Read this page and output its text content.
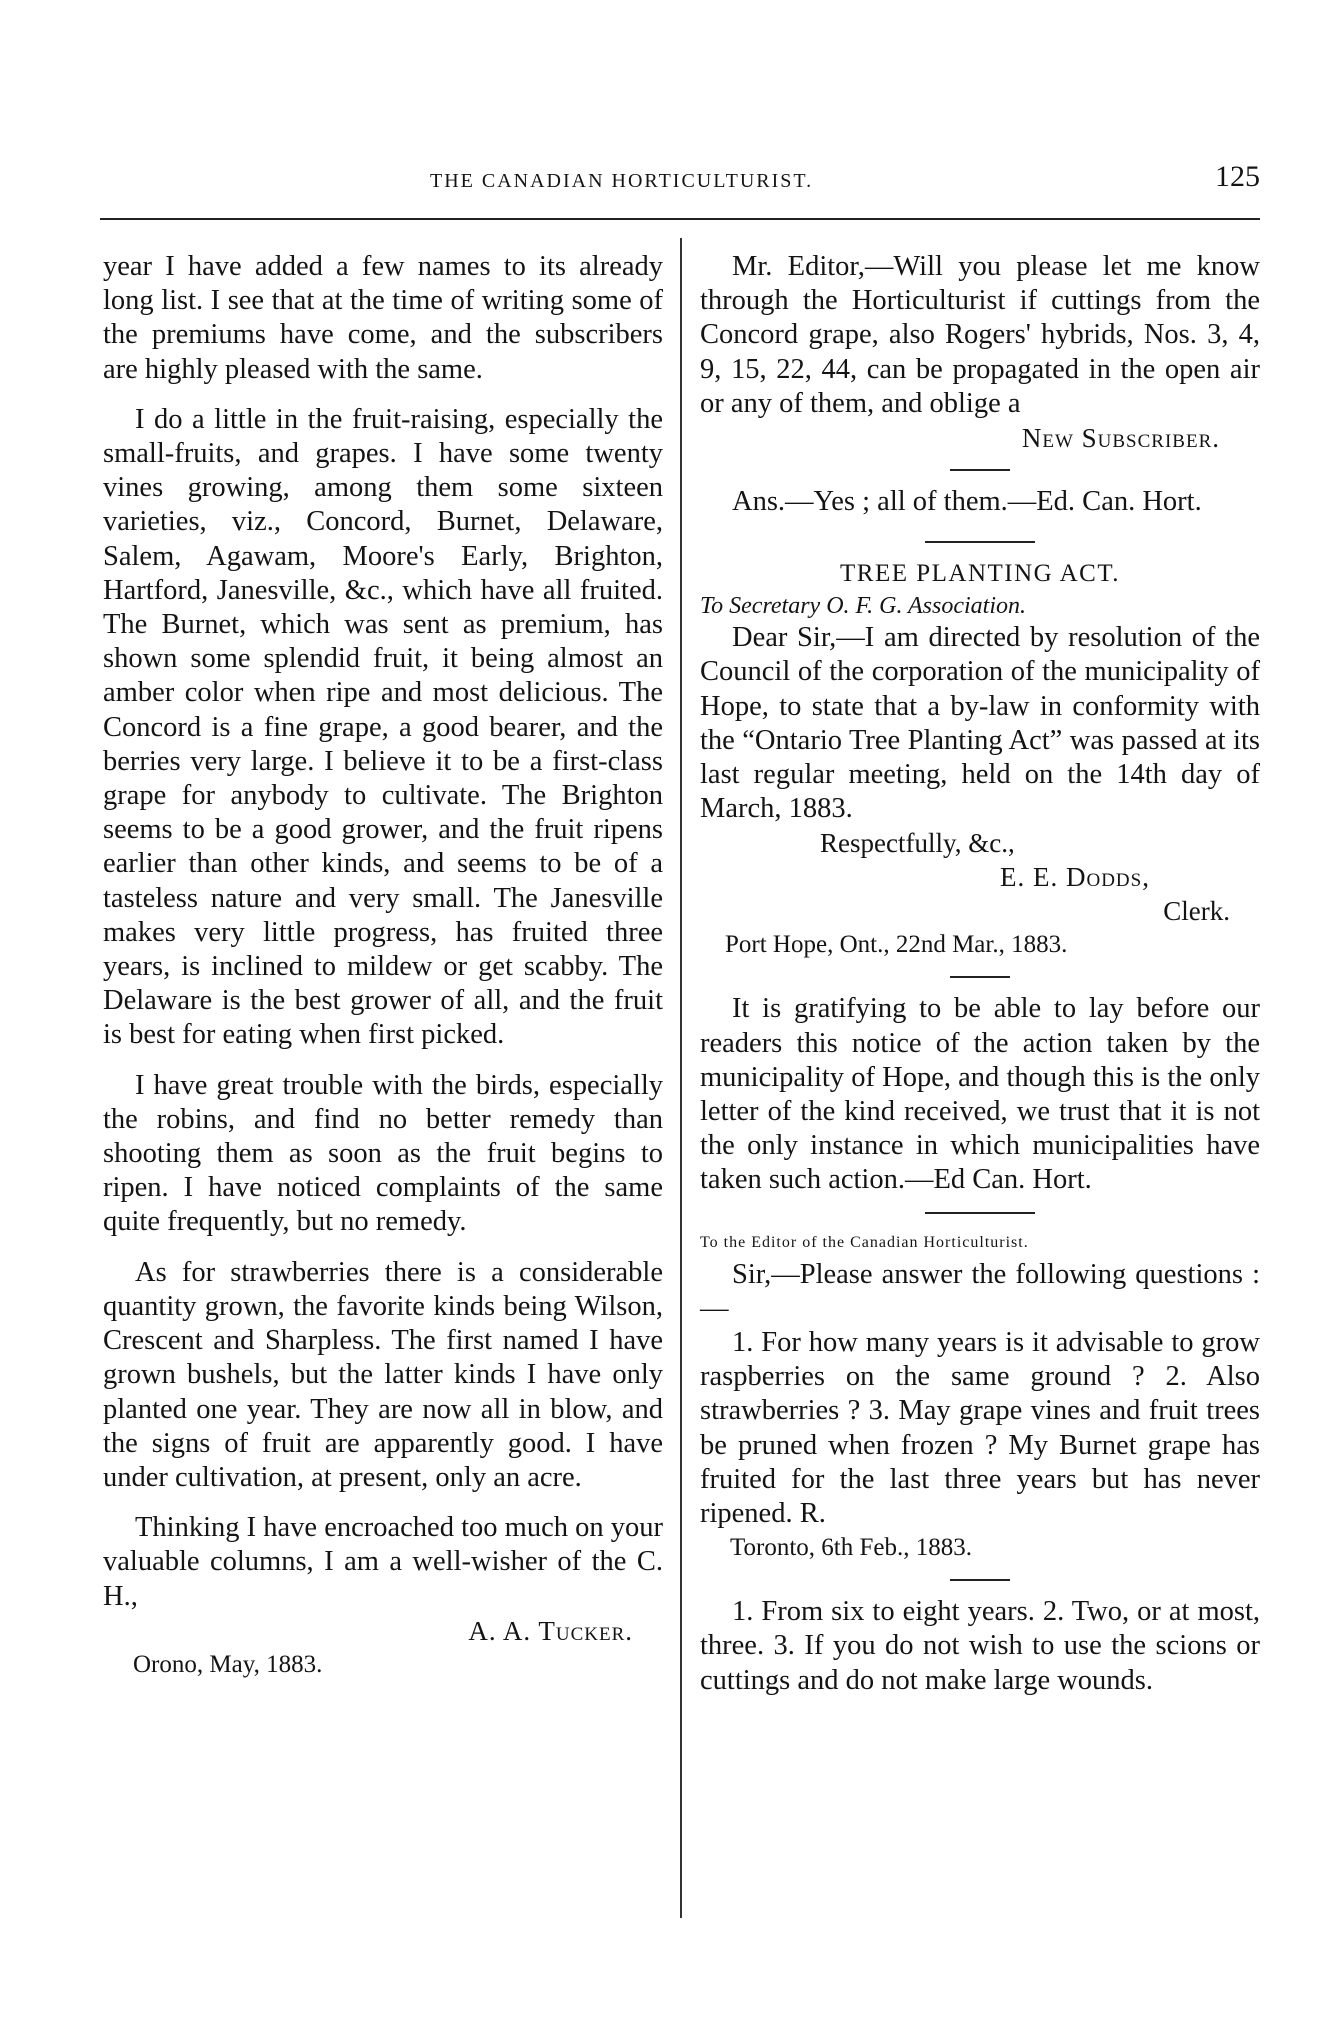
THE CANADIAN HORTICULTURIST.	125

year I have added a few names to its already long list. I see that at the time of writing some of the premiums have come, and the subscribers are highly pleased with the same.

I do a little in the fruit-raising, especially the small-fruits, and grapes. I have some twenty vines growing, among them some sixteen varieties, viz., Concord, Burnet, Delaware, Salem, Agawam, Moore's Early, Brighton, Hartford, Janesville, &c., which have all fruited. The Burnet, which was sent as premium, has shown some splendid fruit, it being almost an amber color when ripe and most delicious. The Concord is a fine grape, a good bearer, and the berries very large. I believe it to be a first-class grape for anybody to cultivate. The Brighton seems to be a good grower, and the fruit ripens earlier than other kinds, and seems to be of a tasteless nature and very small. The Janesville makes very little progress, has fruited three years, is inclined to mildew or get scabby. The Delaware is the best grower of all, and the fruit is best for eating when first picked.

I have great trouble with the birds, especially the robins, and find no better remedy than shooting them as soon as the fruit begins to ripen. I have noticed complaints of the same quite frequently, but no remedy.

As for strawberries there is a considerable quantity grown, the favorite kinds being Wilson, Crescent and Sharpless. The first named I have grown bushels, but the latter kinds I have only planted one year. They are now all in blow, and the signs of fruit are apparently good. I have under cultivation, at present, only an acre.

Thinking I have encroached too much on your valuable columns, I am a well-wisher of the C. H.,

A. A. Tucker.
Orono, May, 1883.

Mr. Editor,—Will you please let me know through the Horticulturist if cuttings from the Concord grape, also Rogers' hybrids, Nos. 3, 4, 9, 15, 22, 44, can be propagated in the open air or any of them, and oblige a

New Subscriber.

Ans.—Yes ; all of them.—Ed. Can. Hort.

TREE PLANTING ACT.
To Secretary O. F. G. Association.

Dear Sir,—I am directed by resolution of the Council of the corporation of the municipality of Hope, to state that a by-law in conformity with the “Ontario Tree Planting Act” was passed at its last regular meeting, held on the 14th day of March, 1883.

Respectfully, &c.,
E. E. Dodds,
Clerk.
Port Hope, Ont., 22nd Mar., 1883.

It is gratifying to be able to lay before our readers this notice of the action taken by the municipality of Hope, and though this is the only letter of the kind received, we trust that it is not the only instance in which municipalities have taken such action.—Ed Can. Hort.

To the Editor of the Canadian Horticulturist.

Sir,—Please answer the following questions :—

1. For how many years is it advisable to grow raspberries on the same ground ? 2. Also strawberries ? 3. May grape vines and fruit trees be pruned when frozen ? My Burnet grape has fruited for the last three years but has never ripened. R.

Toronto, 6th Feb., 1883.

1. From six to eight years. 2. Two, or at most, three. 3. If you do not wish to use the scions or cuttings and do not make large wounds.
